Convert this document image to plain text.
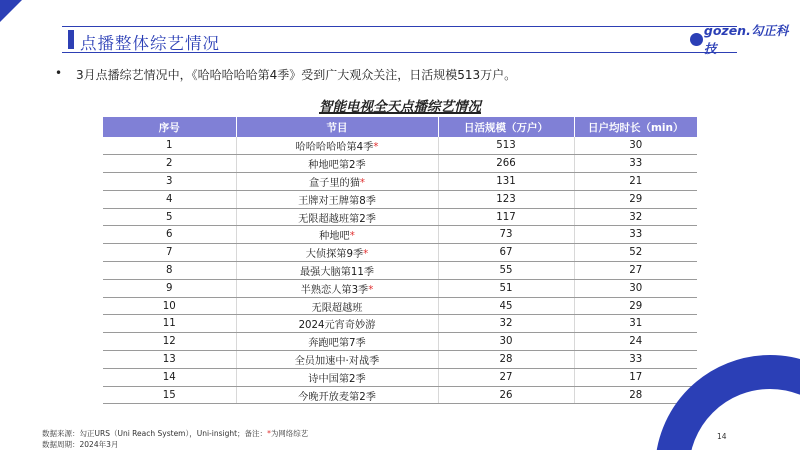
点播整体综艺情况
gozen.勾正科技
• 3月点播综艺情况中，《哈哈哈哈哈第4季》受到广大观众关注，日活规模513万户。
智能电视全天点播综艺情况
序号	节目	日活规模（万户）	日户均时长（min）
1	哈哈哈哈哈第4季*	513	30
2	种地吧第2季	266	33
3	盒子里的猫*	131	21
4	王牌对王牌第8季	123	29
5	无限超越班第2季	117	32
6	种地吧*	73	33
7	大侦探第9季*	67	52
8	最强大脑第11季	55	27
9	半熟恋人第3季*	51	30
10	无限超越班	45	29
11	2024元宵奇妙游	32	31
12	奔跑吧第7季	30	24
13	全员加速中·对战季	28	33
14	诗中国第2季	27	17
15	今晚开放麦第2季	26	28
数据来源：勾正URS（Uni Reach System），Uni-insight；备注：*为网络综艺
数据周期：2024年3月
14
